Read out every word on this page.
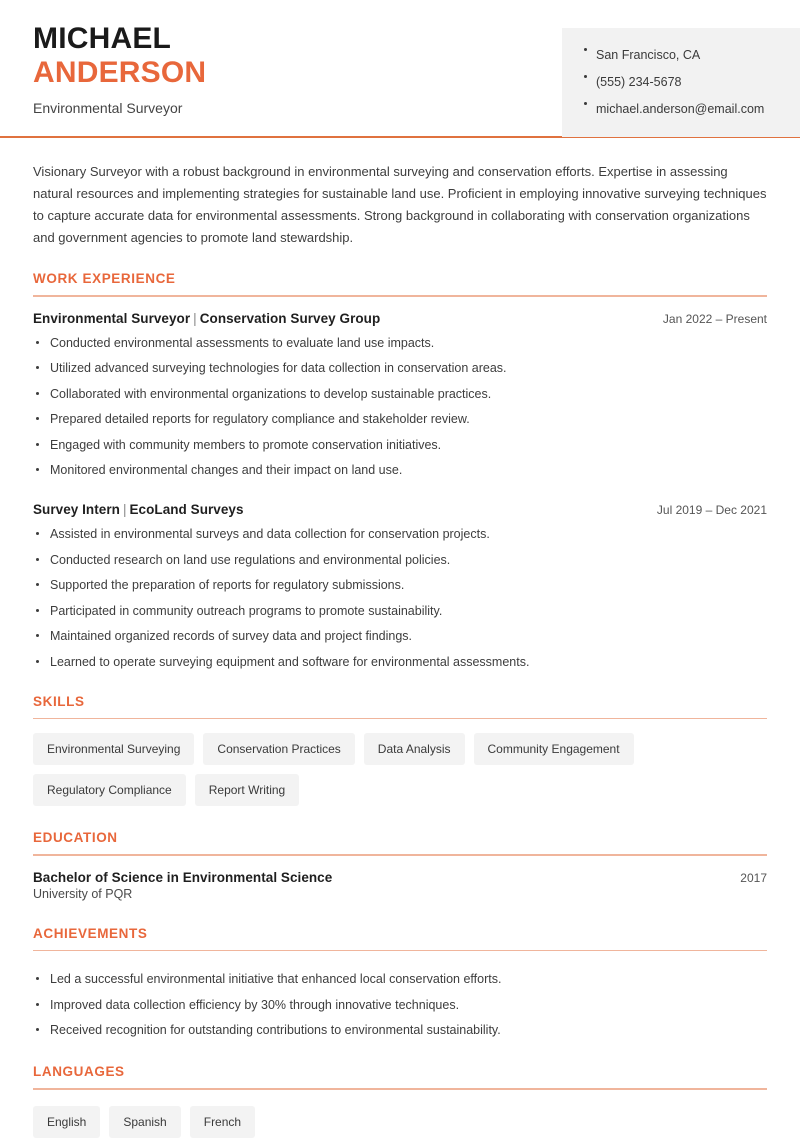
MICHAEL
ANDERSON
Environmental Surveyor
San Francisco, CA
(555) 234-5678
michael.anderson@email.com
Visionary Surveyor with a robust background in environmental surveying and conservation efforts. Expertise in assessing natural resources and implementing strategies for sustainable land use. Proficient in employing innovative surveying techniques to capture accurate data for environmental assessments. Strong background in collaborating with conservation organizations and government agencies to promote land stewardship.
WORK EXPERIENCE
Environmental Surveyor | Conservation Survey Group	Jan 2022 – Present
Conducted environmental assessments to evaluate land use impacts.
Utilized advanced surveying technologies for data collection in conservation areas.
Collaborated with environmental organizations to develop sustainable practices.
Prepared detailed reports for regulatory compliance and stakeholder review.
Engaged with community members to promote conservation initiatives.
Monitored environmental changes and their impact on land use.
Survey Intern | EcoLand Surveys	Jul 2019 – Dec 2021
Assisted in environmental surveys and data collection for conservation projects.
Conducted research on land use regulations and environmental policies.
Supported the preparation of reports for regulatory submissions.
Participated in community outreach programs to promote sustainability.
Maintained organized records of survey data and project findings.
Learned to operate surveying equipment and software for environmental assessments.
SKILLS
Environmental Surveying	Conservation Practices	Data Analysis	Community Engagement
Regulatory Compliance	Report Writing
EDUCATION
Bachelor of Science in Environmental Science	2017
University of PQR
ACHIEVEMENTS
Led a successful environmental initiative that enhanced local conservation efforts.
Improved data collection efficiency by 30% through innovative techniques.
Received recognition for outstanding contributions to environmental sustainability.
LANGUAGES
English	Spanish	French
